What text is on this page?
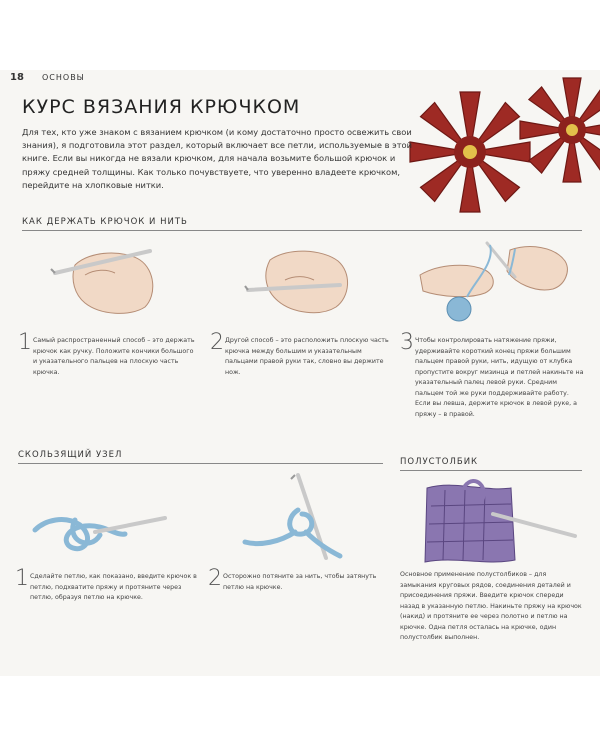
18 ОСНОВЫ
КУРС ВЯЗАНИЯ КРЮЧКОМ

Для тех, кто уже знаком с вязанием крючком (и кому достаточно просто освежить свои знания), я подготовила этот раздел, который включает все петли, используемые в этой книге. Если вы никогда не вязали крючком, для начала возьмите большой крючок и пряжу средней толщины. Как только почувствуете, что уверенно владеете крючком, перейдите на хлопковые нитки.

КАК ДЕРЖАТЬ КРЮЧОК И НИТЬ
1 Самый распространенный способ – это держать крючок как ручку. Положите кончики большого и указательного пальцев на плоскую часть крючка.

2 Другой способ – это расположить плоскую часть крючка между большим и указательным пальцами правой руки так, словно вы держите нож.

3 Чтобы контролировать натяжение пряжи, удерживайте короткий конец пряжи большим пальцем правой руки, нить, идущую от клубка пропустите вокруг мизинца и петлей накиньте на указательный палец левой руки. Средним пальцем той же руки поддерживайте работу. Если вы левша, держите крючок в левой руке, а пряжу – в правой.

СКОЛЬЗЯЩИЙ УЗЕЛ
1 Сделайте петлю, как показано, введите крючок в петлю, подхватите пряжу и протяните через петлю, образуя петлю на крючке.

2 Осторожно потяните за нить, чтобы затянуть петлю на крючке.

ПОЛУСТОЛБИК

Основное применение полустолбиков – для замыкания круговых рядов, соединения деталей и присоединения пряжи. Введите крючок спереди назад в указанную петлю. Накиньте пряжу на крючок (накид) и протяните ее через полотно и петлю на крючке. Одна петля осталась на крючке, один полустолбик выполнен.
